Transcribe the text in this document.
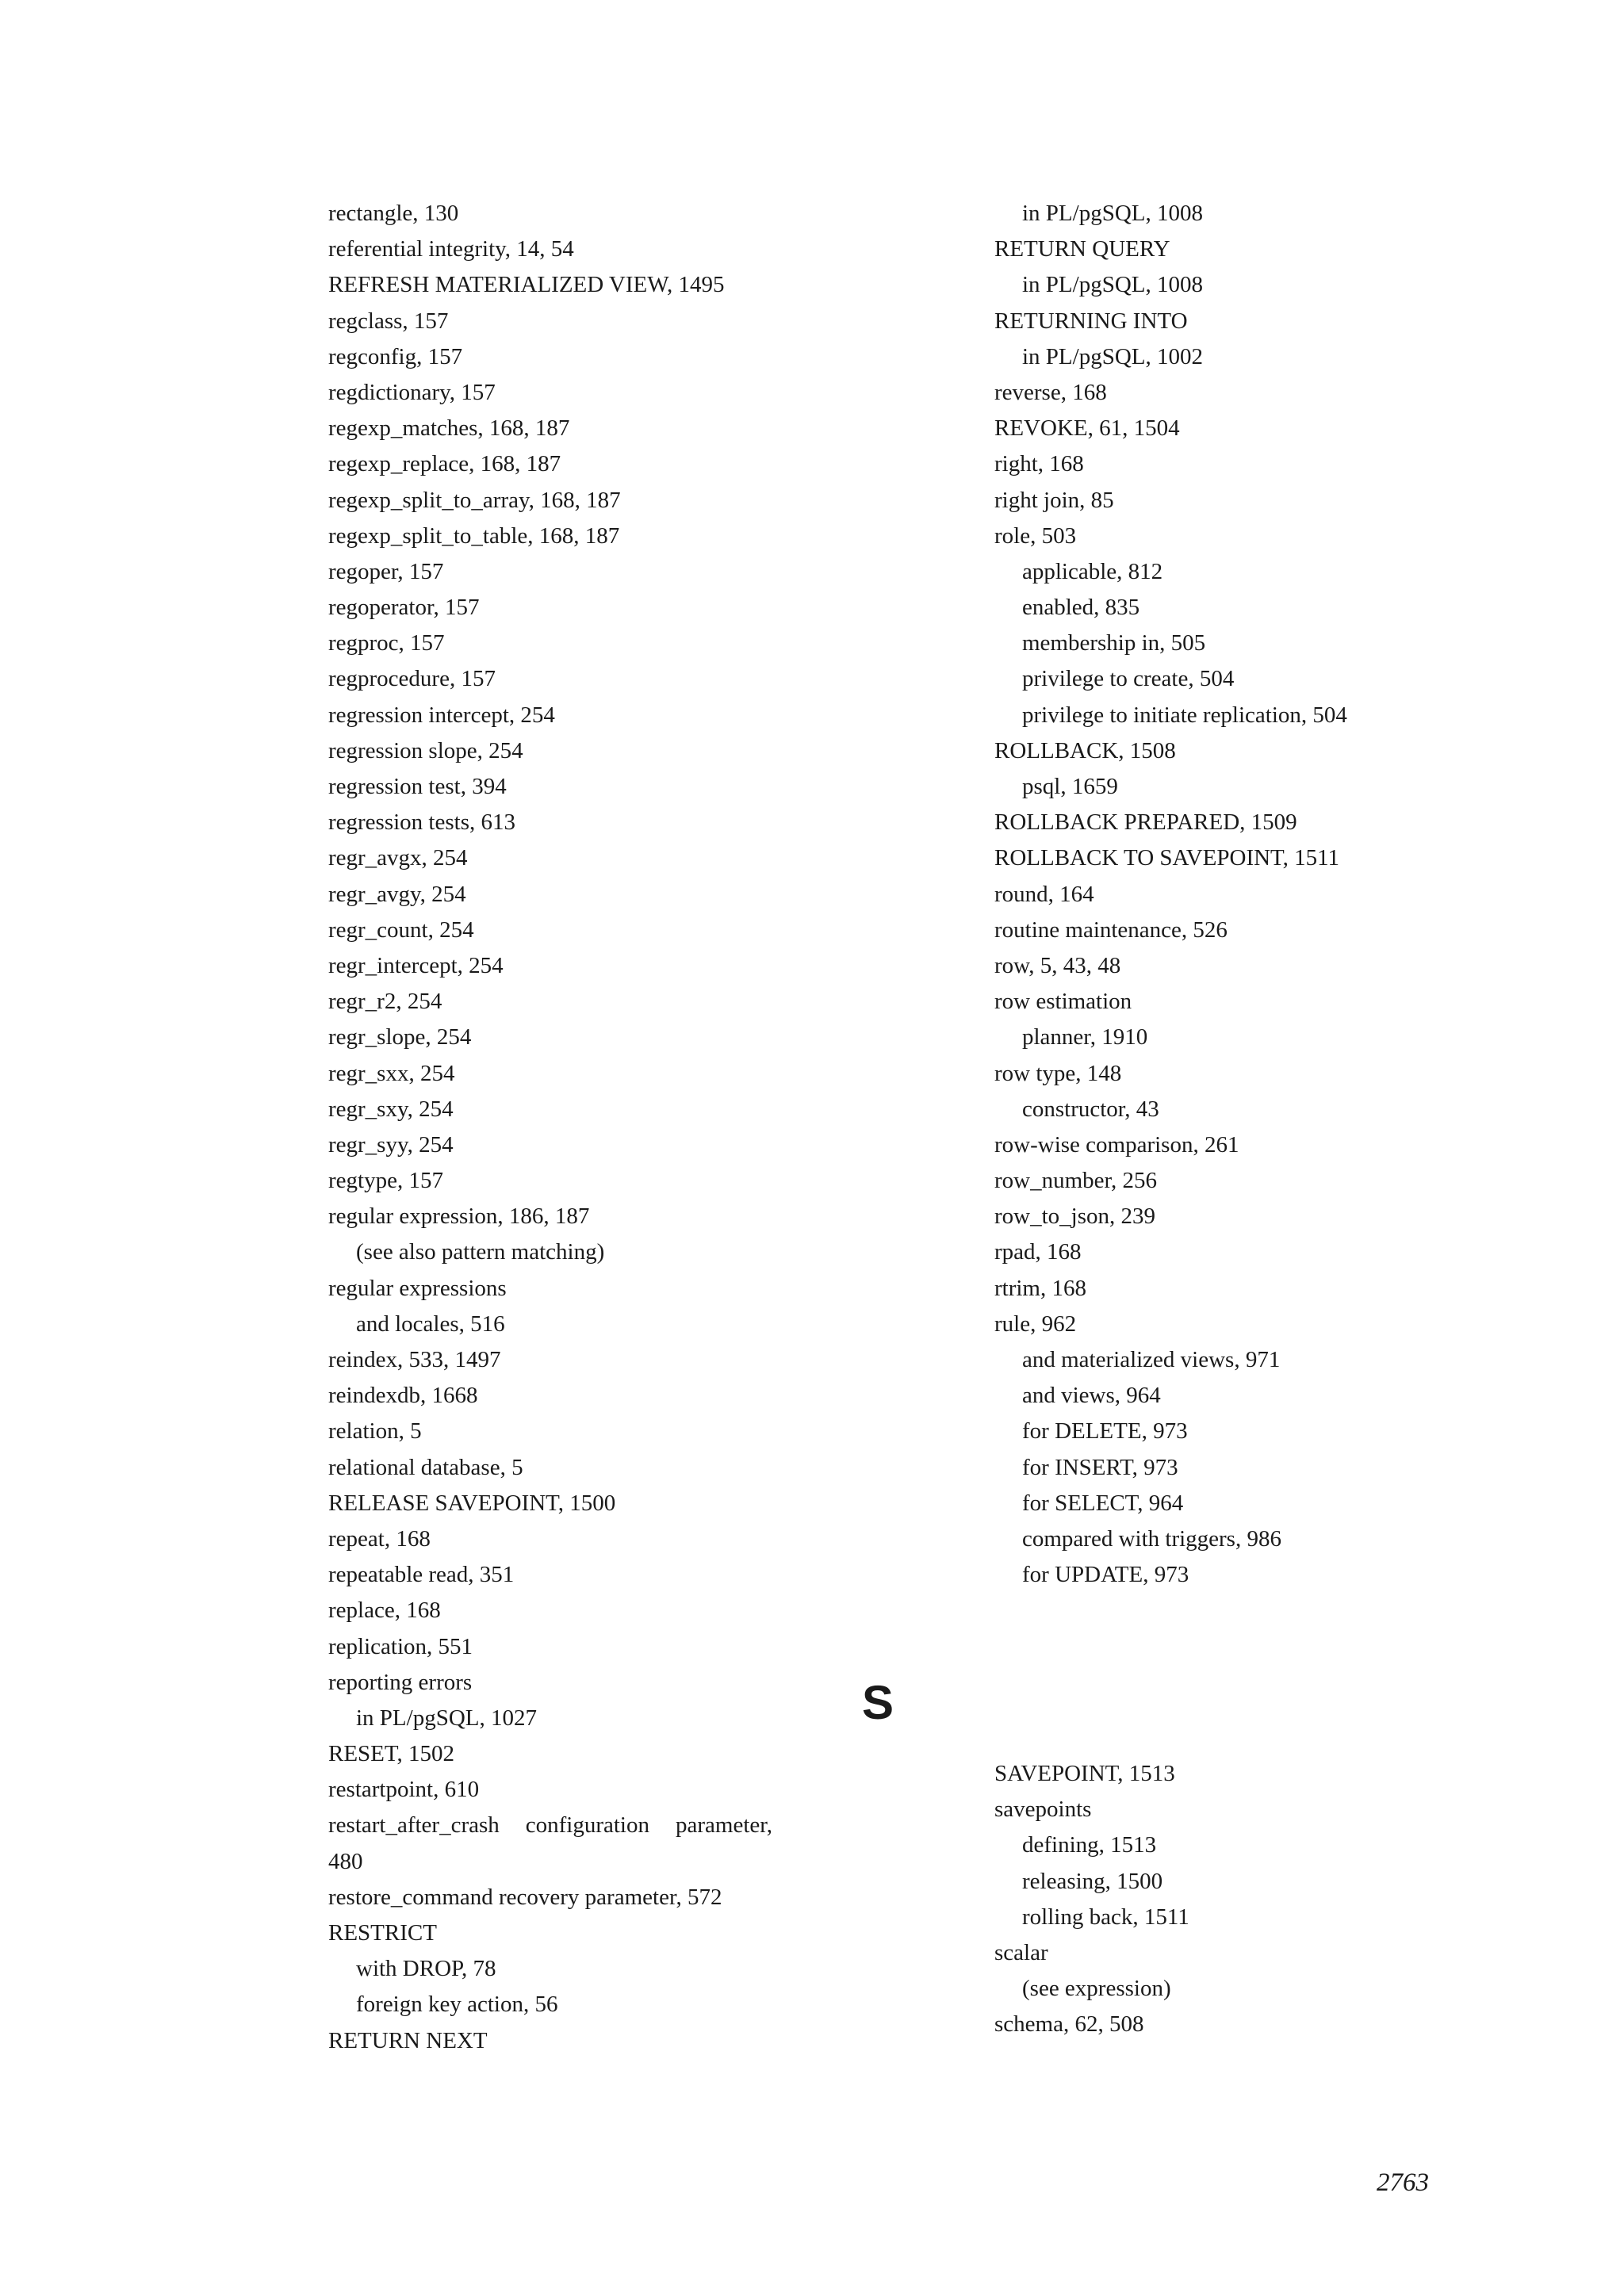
rectangle, 130
referential integrity, 14, 54
REFRESH MATERIALIZED VIEW, 1495
regclass, 157
regconfig, 157
regdictionary, 157
regexp_matches, 168, 187
regexp_replace, 168, 187
regexp_split_to_array, 168, 187
regexp_split_to_table, 168, 187
regoper, 157
regoperator, 157
regproc, 157
regprocedure, 157
regression intercept, 254
regression slope, 254
regression test, 394
regression tests, 613
regr_avgx, 254
regr_avgy, 254
regr_count, 254
regr_intercept, 254
regr_r2, 254
regr_slope, 254
regr_sxx, 254
regr_sxy, 254
regr_syy, 254
regtype, 157
regular expression, 186, 187
(see also pattern matching)
regular expressions
and locales, 516
reindex, 533, 1497
reindexdb, 1668
relation, 5
relational database, 5
RELEASE SAVEPOINT, 1500
repeat, 168
repeatable read, 351
replace, 168
replication, 551
reporting errors
in PL/pgSQL, 1027
RESET, 1502
restartpoint, 610
restart_after_crash configuration parameter,
480
restore_command recovery parameter, 572
RESTRICT
with DROP, 78
foreign key action, 56
RETURN NEXT
in PL/pgSQL, 1008
RETURN QUERY
in PL/pgSQL, 1008
RETURNING INTO
in PL/pgSQL, 1002
reverse, 168
REVOKE, 61, 1504
right, 168
right join, 85
role, 503
applicable, 812
enabled, 835
membership in, 505
privilege to create, 504
privilege to initiate replication, 504
ROLLBACK, 1508
psql, 1659
ROLLBACK PREPARED, 1509
ROLLBACK TO SAVEPOINT, 1511
round, 164
routine maintenance, 526
row, 5, 43, 48
row estimation
planner, 1910
row type, 148
constructor, 43
row-wise comparison, 261
row_number, 256
row_to_json, 239
rpad, 168
rtrim, 168
rule, 962
and materialized views, 971
and views, 964
for DELETE, 973
for INSERT, 973
for SELECT, 964
compared with triggers, 986
for UPDATE, 973
S
SAVEPOINT, 1513
savepoints
defining, 1513
releasing, 1500
rolling back, 1511
scalar
(see expression)
schema, 62, 508
2763
